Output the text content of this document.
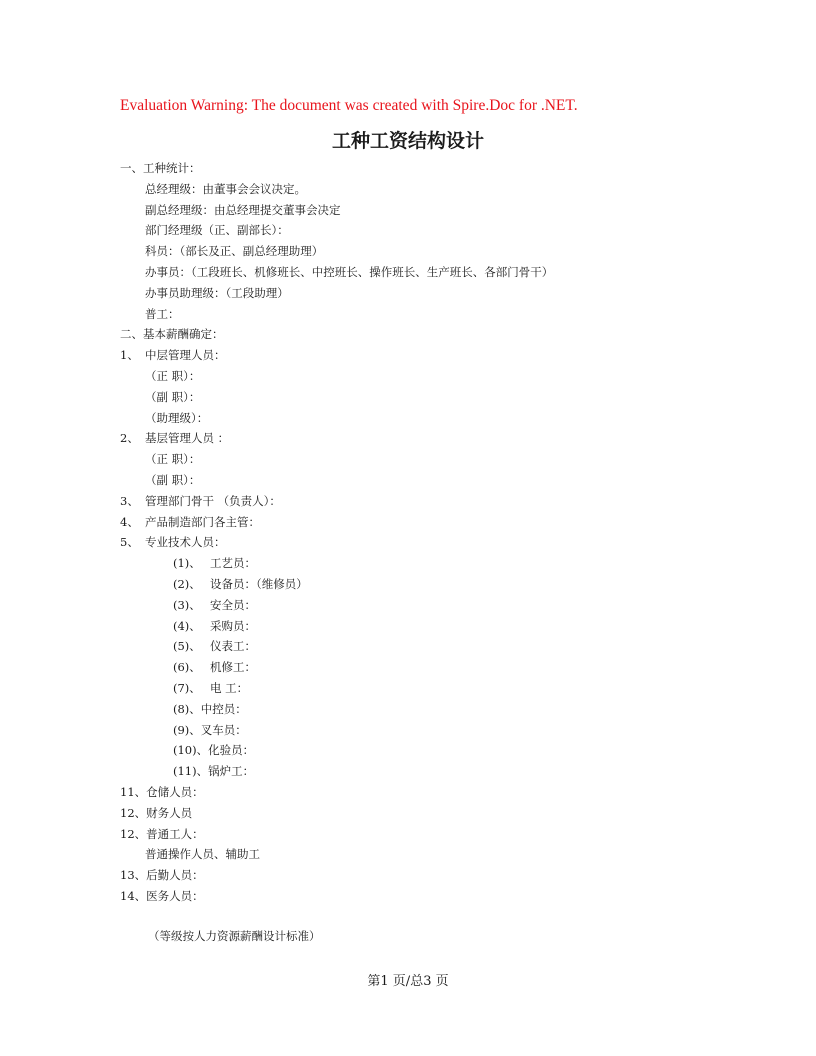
Evaluation Warning: The document was created with Spire.Doc for .NET.
工种工资结构设计
一、工种统计：
总经理级：由董事会会议决定。
副总经理级：由总经理提交董事会决定
部门经理级（正、副部长）：
科员：（部长及正、副总经理助理）
办事员：（工段班长、机修班长、中控班长、操作班长、生产班长、各部门骨干）
办事员助理级：（工段助理）
普工：
二、基本薪酬确定：
1、 中层管理人员：
（正 职）：
（副 职）：
（助理级）：
2、 基层管理人员 ：
（正 职）：
（副 职）：
3、 管理部门骨干 （负责人）：
4、 产品制造部门各主管：
5、 专业技术人员：
(1)、 工艺员：
(2)、 设备员：（维修员）
(3)、 安全员：
(4)、 采购员：
(5)、 仪表工：
(6)、 机修工：
(7)、 电 工：
(8)、中控员：
(9)、叉车员：
(10)、化验员：
(11)、锅炉工：
11、仓储人员：
12、财务人员
12、普通工人：
普通操作人员、辅助工
13、后勤人员：
14、医务人员：
（等级按人力资源薪酬设计标准）
第1 页/总3 页
